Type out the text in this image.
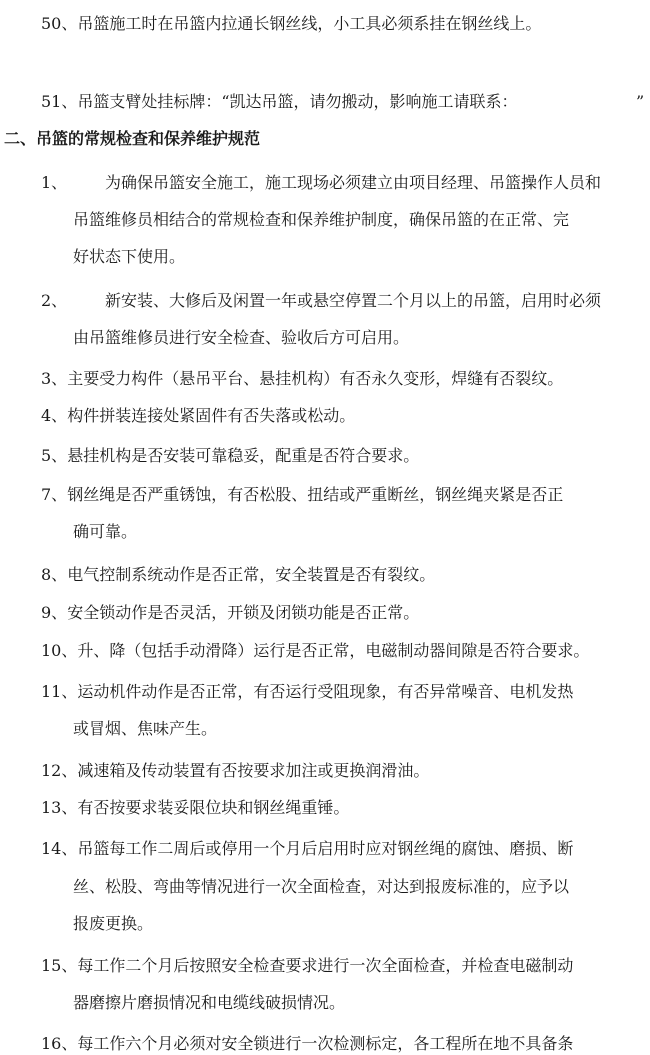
50、吊篮施工时在吊篮内拉通长钢丝线，小工具必须系挂在钢丝线上。
51、吊篮支臂处挂标牌：“凯达吊篮，请勿搬动，影响施工请联系：	”
二、吊篮的常规检查和保养维护规范
1、 为确保吊篮安全施工，施工现场必须建立由项目经理、吊篮操作人员和
吊篮维修员相结合的常规检查和保养维护制度，确保吊篮的在正常、完
好状态下使用。
2、 新安装、大修后及闲置一年或悬空停置二个月以上的吊篮，启用时必须
由吊篮维修员进行安全检查、验收后方可启用。
3、主要受力构件（悬吊平台、悬挂机构）有否永久变形，焊缝有否裂纹。
4、构件拼装连接处紧固件有否失落或松动。
5、悬挂机构是否安装可靠稳妥，配重是否符合要求。
7、钢丝绳是否严重锈蚀，有否松股、扭结或严重断丝，钢丝绳夹紧是否正
确可靠。
8、电气控制系统动作是否正常，安全装置是否有裂纹。
9、安全锁动作是否灵活，开锁及闭锁功能是否正常。
10、升、降（包括手动滑降）运行是否正常，电磁制动器间隙是否符合要求。
11、运动机件动作是否正常，有否运行受阻现象，有否异常噪音、电机发热
或冒烟、焦味产生。
12、减速箱及传动装置有否按要求加注或更换润滑油。
13、有否按要求装妥限位块和钢丝绳重锤。
14、吊篮每工作二周后或停用一个月后启用时应对钢丝绳的腐蚀、磨损、断
丝、松股、弯曲等情况进行一次全面检查，对达到报废标准的，应予以
报废更换。
15、每工作二个月后按照安全检查要求进行一次全面检查，并检查电磁制动
器磨擦片磨损情况和电缆线破损情况。
16、每工作六个月必须对安全锁进行一次检测标定，各工程所在地不具备条
